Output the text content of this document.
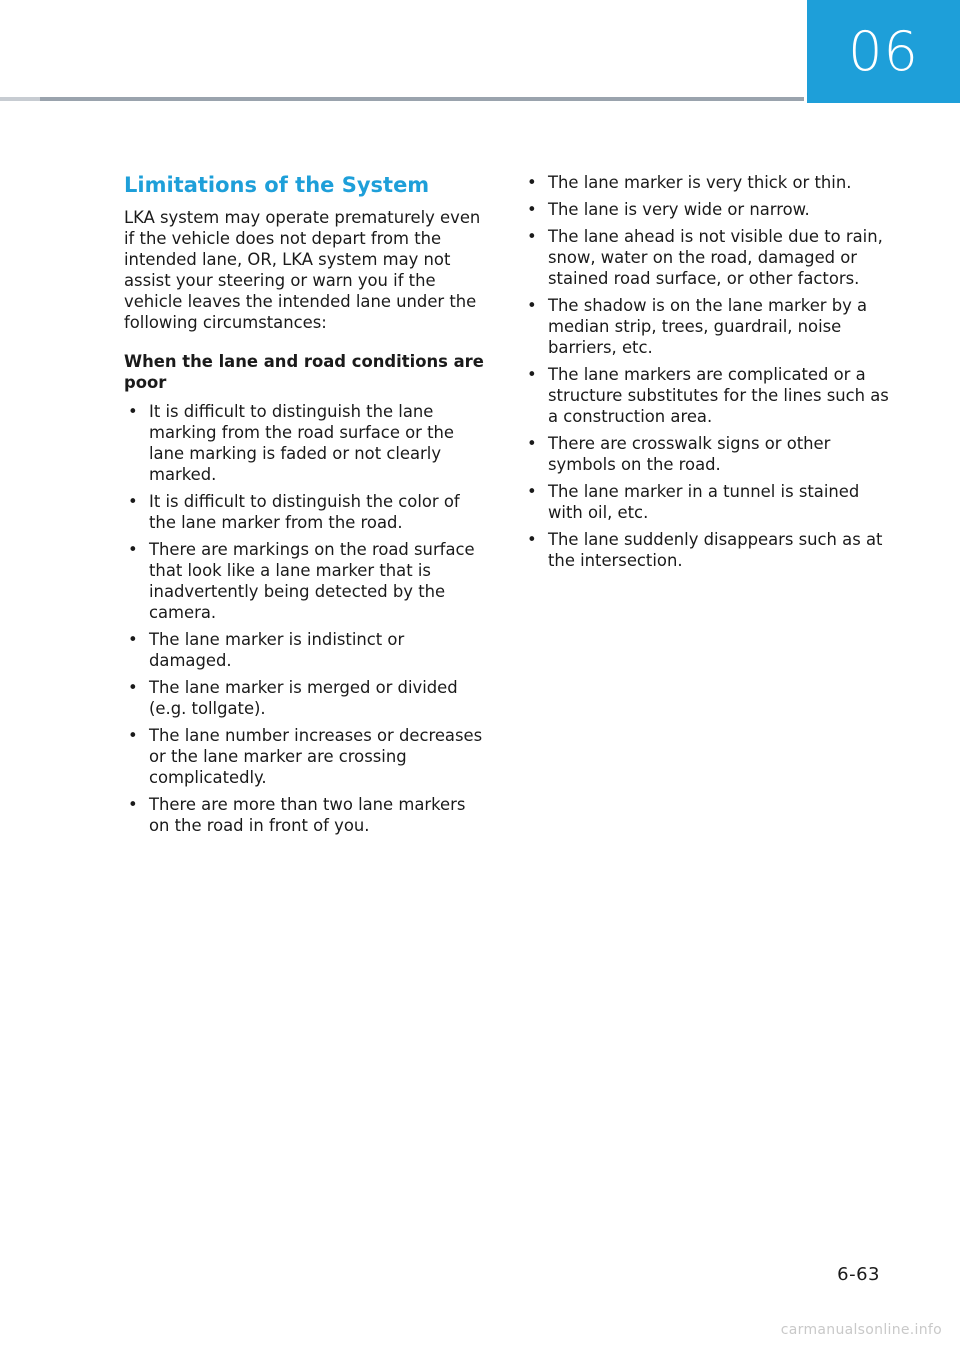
06
Limitations of the System

LKA system may operate prematurely even if the vehicle does not depart from the intended lane, OR, LKA system may not assist your steering or warn you if the vehicle leaves the intended lane under the following circumstances:

When the lane and road conditions are poor
• It is difficult to distinguish the lane marking from the road surface or the lane marking is faded or not clearly marked.
• It is difficult to distinguish the color of the lane marker from the road.
• There are markings on the road surface that look like a lane marker that is inadvertently being detected by the camera.
• The lane marker is indistinct or damaged.
• The lane marker is merged or divided (e.g. tollgate).
• The lane number increases or decreases or the lane marker are crossing complicatedly.
• There are more than two lane markers on the road in front of you.
• The lane marker is very thick or thin.
• The lane is very wide or narrow.
• The lane ahead is not visible due to rain, snow, water on the road, damaged or stained road surface, or other factors.
• The shadow is on the lane marker by a median strip, trees, guardrail, noise barriers, etc.
• The lane markers are complicated or a structure substitutes for the lines such as a construction area.
• There are crosswalk signs or other symbols on the road.
• The lane marker in a tunnel is stained with oil, etc.
• The lane suddenly disappears such as at the intersection.
6-63
carmanualsonline.info
